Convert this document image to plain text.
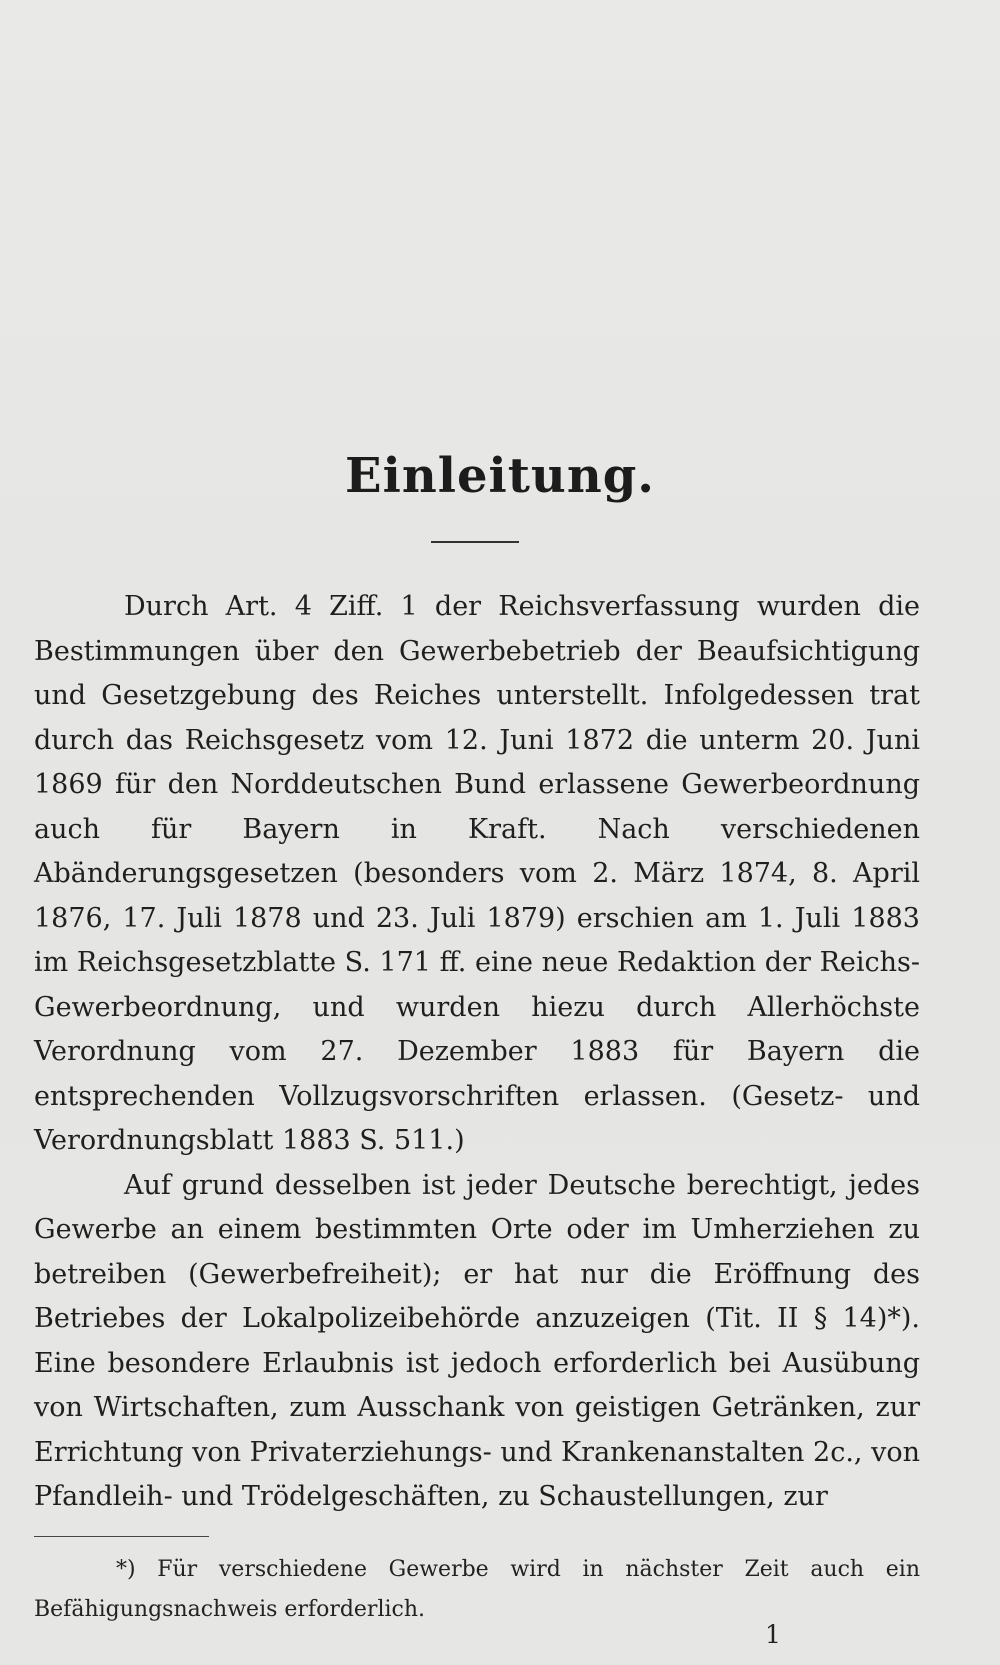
Einleitung.

Durch Art. 4 Ziff. 1 der Reichsverfassung wurden die Bestimmungen über den Gewerbebetrieb der Beaufsichtigung und Gesetzgebung des Reiches unterstellt. Infolgedessen trat durch das Reichsgesetz vom 12. Juni 1872 die unterm 20. Juni 1869 für den Norddeutschen Bund erlassene Gewerbeordnung auch für Bayern in Kraft. Nach verschiedenen Abänderungsgesetzen (besonders vom 2. März 1874, 8. April 1876, 17. Juli 1878 und 23. Juli 1879) erschien am 1. Juli 1883 im Reichsgesetzblatte S. 171 ff. eine neue Redaktion der Reichs-Gewerbeordnung, und wurden hiezu durch Allerhöchste Verordnung vom 27. Dezember 1883 für Bayern die entsprechenden Vollzugsvorschriften erlassen. (Gesetz- und Verordnungsblatt 1883 S. 511.)

Auf grund desselben ist jeder Deutsche berechtigt, jedes Gewerbe an einem bestimmten Orte oder im Umherziehen zu betreiben (Gewerbefreiheit); er hat nur die Eröffnung des Betriebes der Lokalpolizeibehörde anzuzeigen (Tit. II § 14)*). Eine besondere Erlaubnis ist jedoch erforderlich bei Ausübung von Wirtschaften, zum Ausschank von geistigen Getränken, zur Errichtung von Privaterziehungs- und Krankenanstalten 2c., von Pfandleih- und Trödelgeschäften, zu Schaustellungen, zur

*) Für verschiedene Gewerbe wird in nächster Zeit auch ein Befähigungsnachweis erforderlich.

1
